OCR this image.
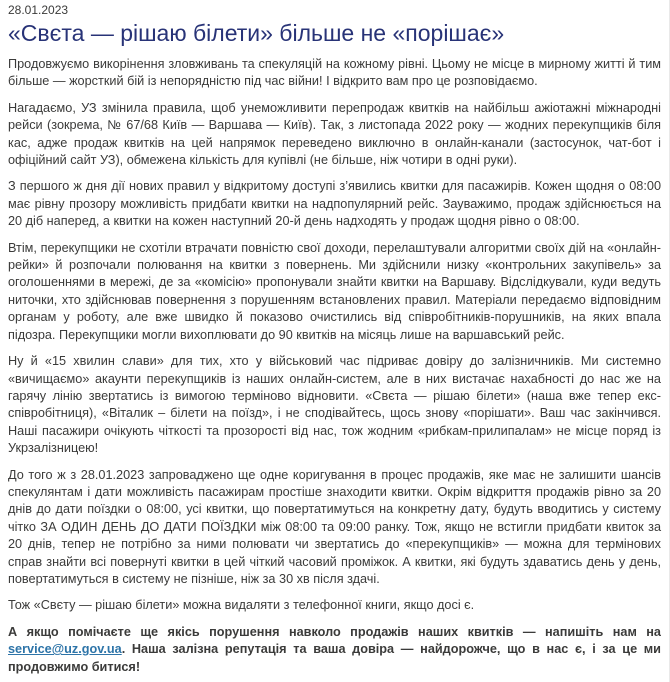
28.01.2023

«Свєта — рішаю білети» більше не «порішає»

Продовжуємо викорінення зловживань та спекуляцій на кожному рівні. Цьому не місце в мирному житті й тим більше — жорсткий бій із непорядністю під час війни! І відкрито вам про це розповідаємо.

Нагадаємо, УЗ змінила правила, щоб унеможливити перепродаж квитків на найбільш ажіотажні міжнародні рейси (зокрема, № 67/68 Київ — Варшава — Київ). Так, з листопада 2022 року — жодних перекупщиків біля кас, адже продаж квитків на цей напрямок переведено виключно в онлайн-канали (застосунок, чат-бот і офіційний сайт УЗ), обмежена кількість для купівлі (не більше, ніж чотири в одні руки).

З першого ж дня дії нових правил у відкритому доступі з’явились квитки для пасажирів. Кожен щодня о 08:00 має рівну прозору можливість придбати квитки на надпопулярний рейс. Зауважимо, продаж здійснюється на 20 діб наперед, а квитки на кожен наступний 20-й день надходять у продаж щодня рівно о 08:00.

Втім, перекупщики не схотіли втрачати повністю свої доходи, перелаштували алгоритми своїх дій на «онлайн-рейки» й розпочали полювання на квитки з повернень. Ми здійснили низку «контрольних закупівель» за оголошеннями в мережі, де за «комісію» пропонували знайти квитки на Варшаву. Відслідкували, куди ведуть ниточки, хто здійснював повернення з порушенням встановлених правил. Матеріали передаємо відповідним органам у роботу, але вже швидко й показово очистились від співробітників-порушників, на яких впала підозра. Перекупщики могли вихоплювати до 90 квитків на місяць лише на варшавський рейс.

Ну й «15 хвилин слави» для тих, хто у військовий час підриває довіру до залізничників. Ми системно «вичищаємо» акаунти перекупщиків із наших онлайн-систем, але в них вистачає нахабності до нас же на гарячу лінію звертатись із вимогою терміново відновити. «Свєта — рішаю білети» (наша вже тепер екс-співробітниця), «Віталик – білети на поїзд», і не сподівайтесь, щось знову «порішати». Ваш час закінчився. Наші пасажири очікують чіткості та прозорості від нас, тож жодним «рибкам-прилипалам» не місце поряд із Укрзалізницею!

До того ж з 28.01.2023 запроваджено ще одне коригування в процес продажів, яке має не залишити шансів спекулянтам і дати можливість пасажирам простіше знаходити квитки. Окрім відкриття продажів рівно за 20 днів до дати поїздки о 08:00, усі квитки, що повертатимуться на конкретну дату, будуть вводитись у систему чітко ЗА ОДИН ДЕНЬ ДО ДАТИ ПОЇЗДКИ між 08:00 та 09:00 ранку. Тож, якщо не встигли придбати квиток за 20 днів, тепер не потрібно за ними полювати чи звертатись до «перекупщиків» — можна для термінових справ знайти всі повернуті квитки в цей чіткий часовий проміжок. А квитки, які будуть здаватись день у день, повертатимуться в систему не пізніше, ніж за 30 хв після здачі.

Тож «Свєту — рішаю білети» можна видаляти з телефонної книги, якщо досі є.

А якщо помічаєте ще якісь порушення навколо продажів наших квитків — напишіть нам на service@uz.gov.ua. Наша залізна репутація та ваша довіра — найдорожче, що в нас є, і за це ми продовжимо битися!
